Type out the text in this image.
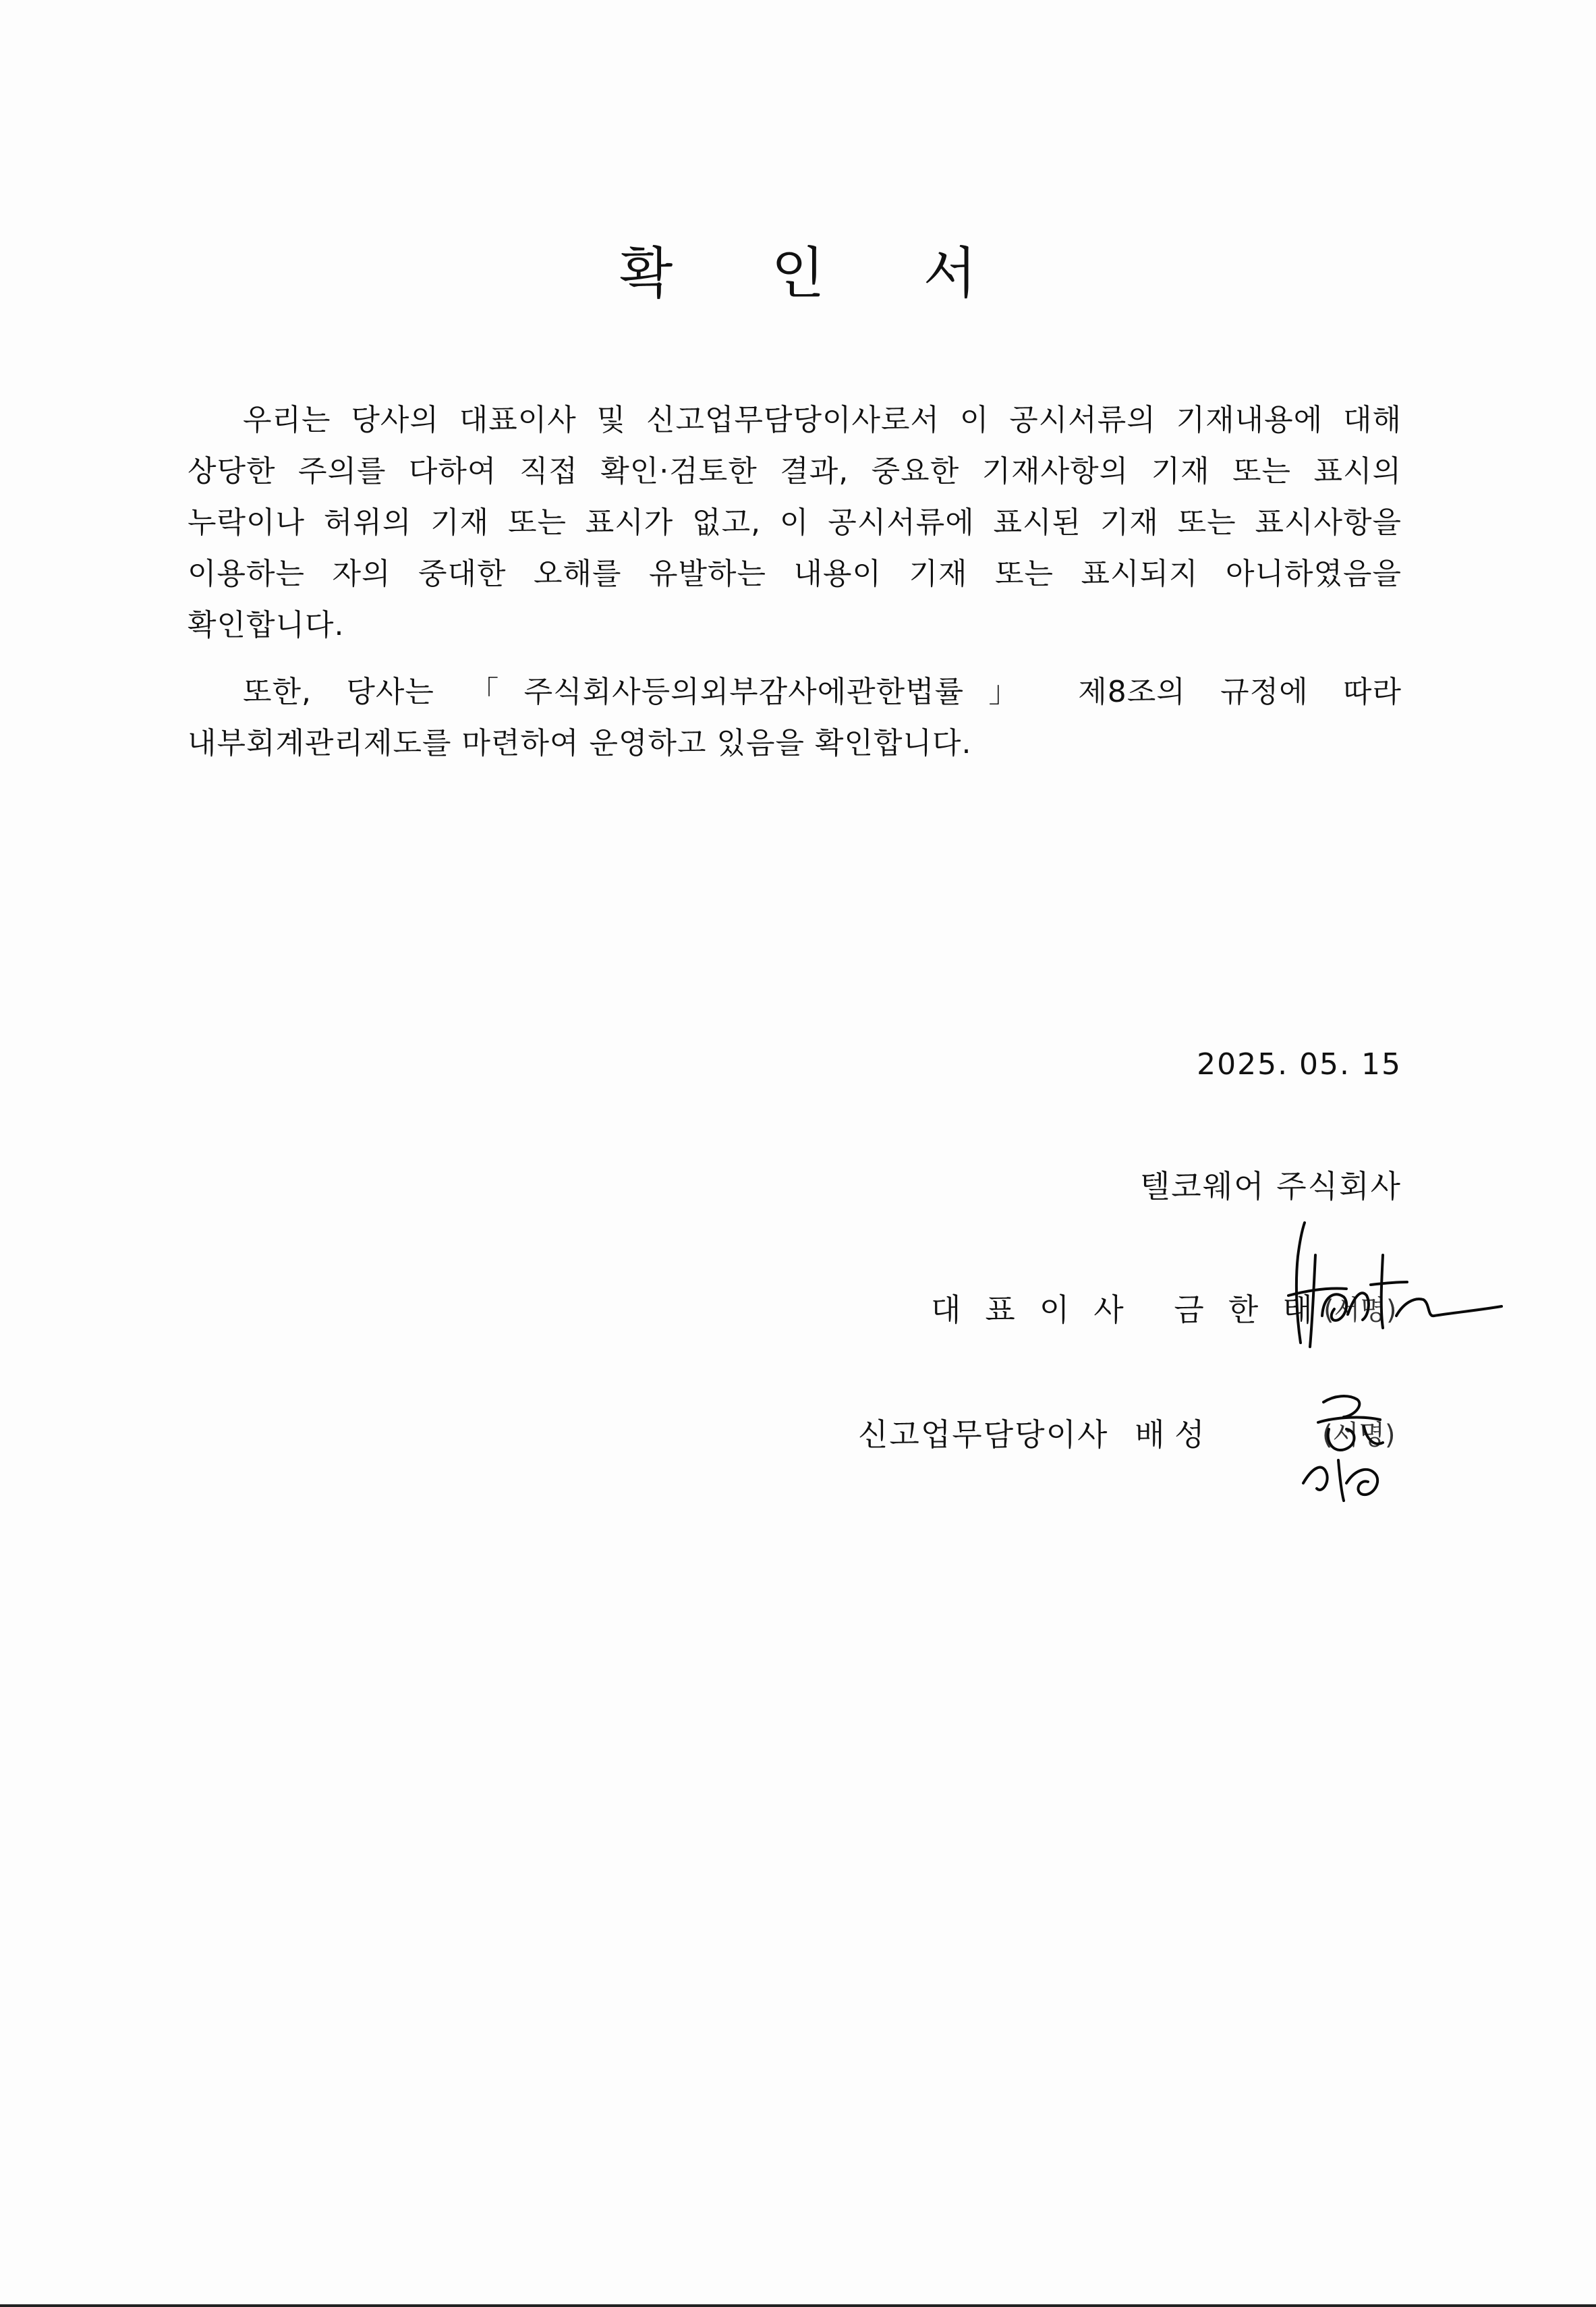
확 인 서

우리는 당사의 대표이사 및 신고업무담당이사로서 이 공시서류의 기재내용에 대해 상당한 주의를 다하여 직접 확인·검토한 결과, 중요한 기재사항의 기재 또는 표시의 누락이나 허위의 기재 또는 표시가 없고, 이 공시서류에 표시된 기재 또는 표시사항을 이용하는 자의 중대한 오해를 유발하는 내용이 기재 또는 표시되지 아니하였음을 확인합니다.

또한, 당사는 「주식회사등의외부감사에관한법률」 제8조의 규정에 따라 내부회계관리제도를 마련하여 운영하고 있음을 확인합니다.

2025. 05. 15
텔코웨어 주식회사
대표이사 금한태
(서명)
신고업무담당이사 배 성	(서명)
